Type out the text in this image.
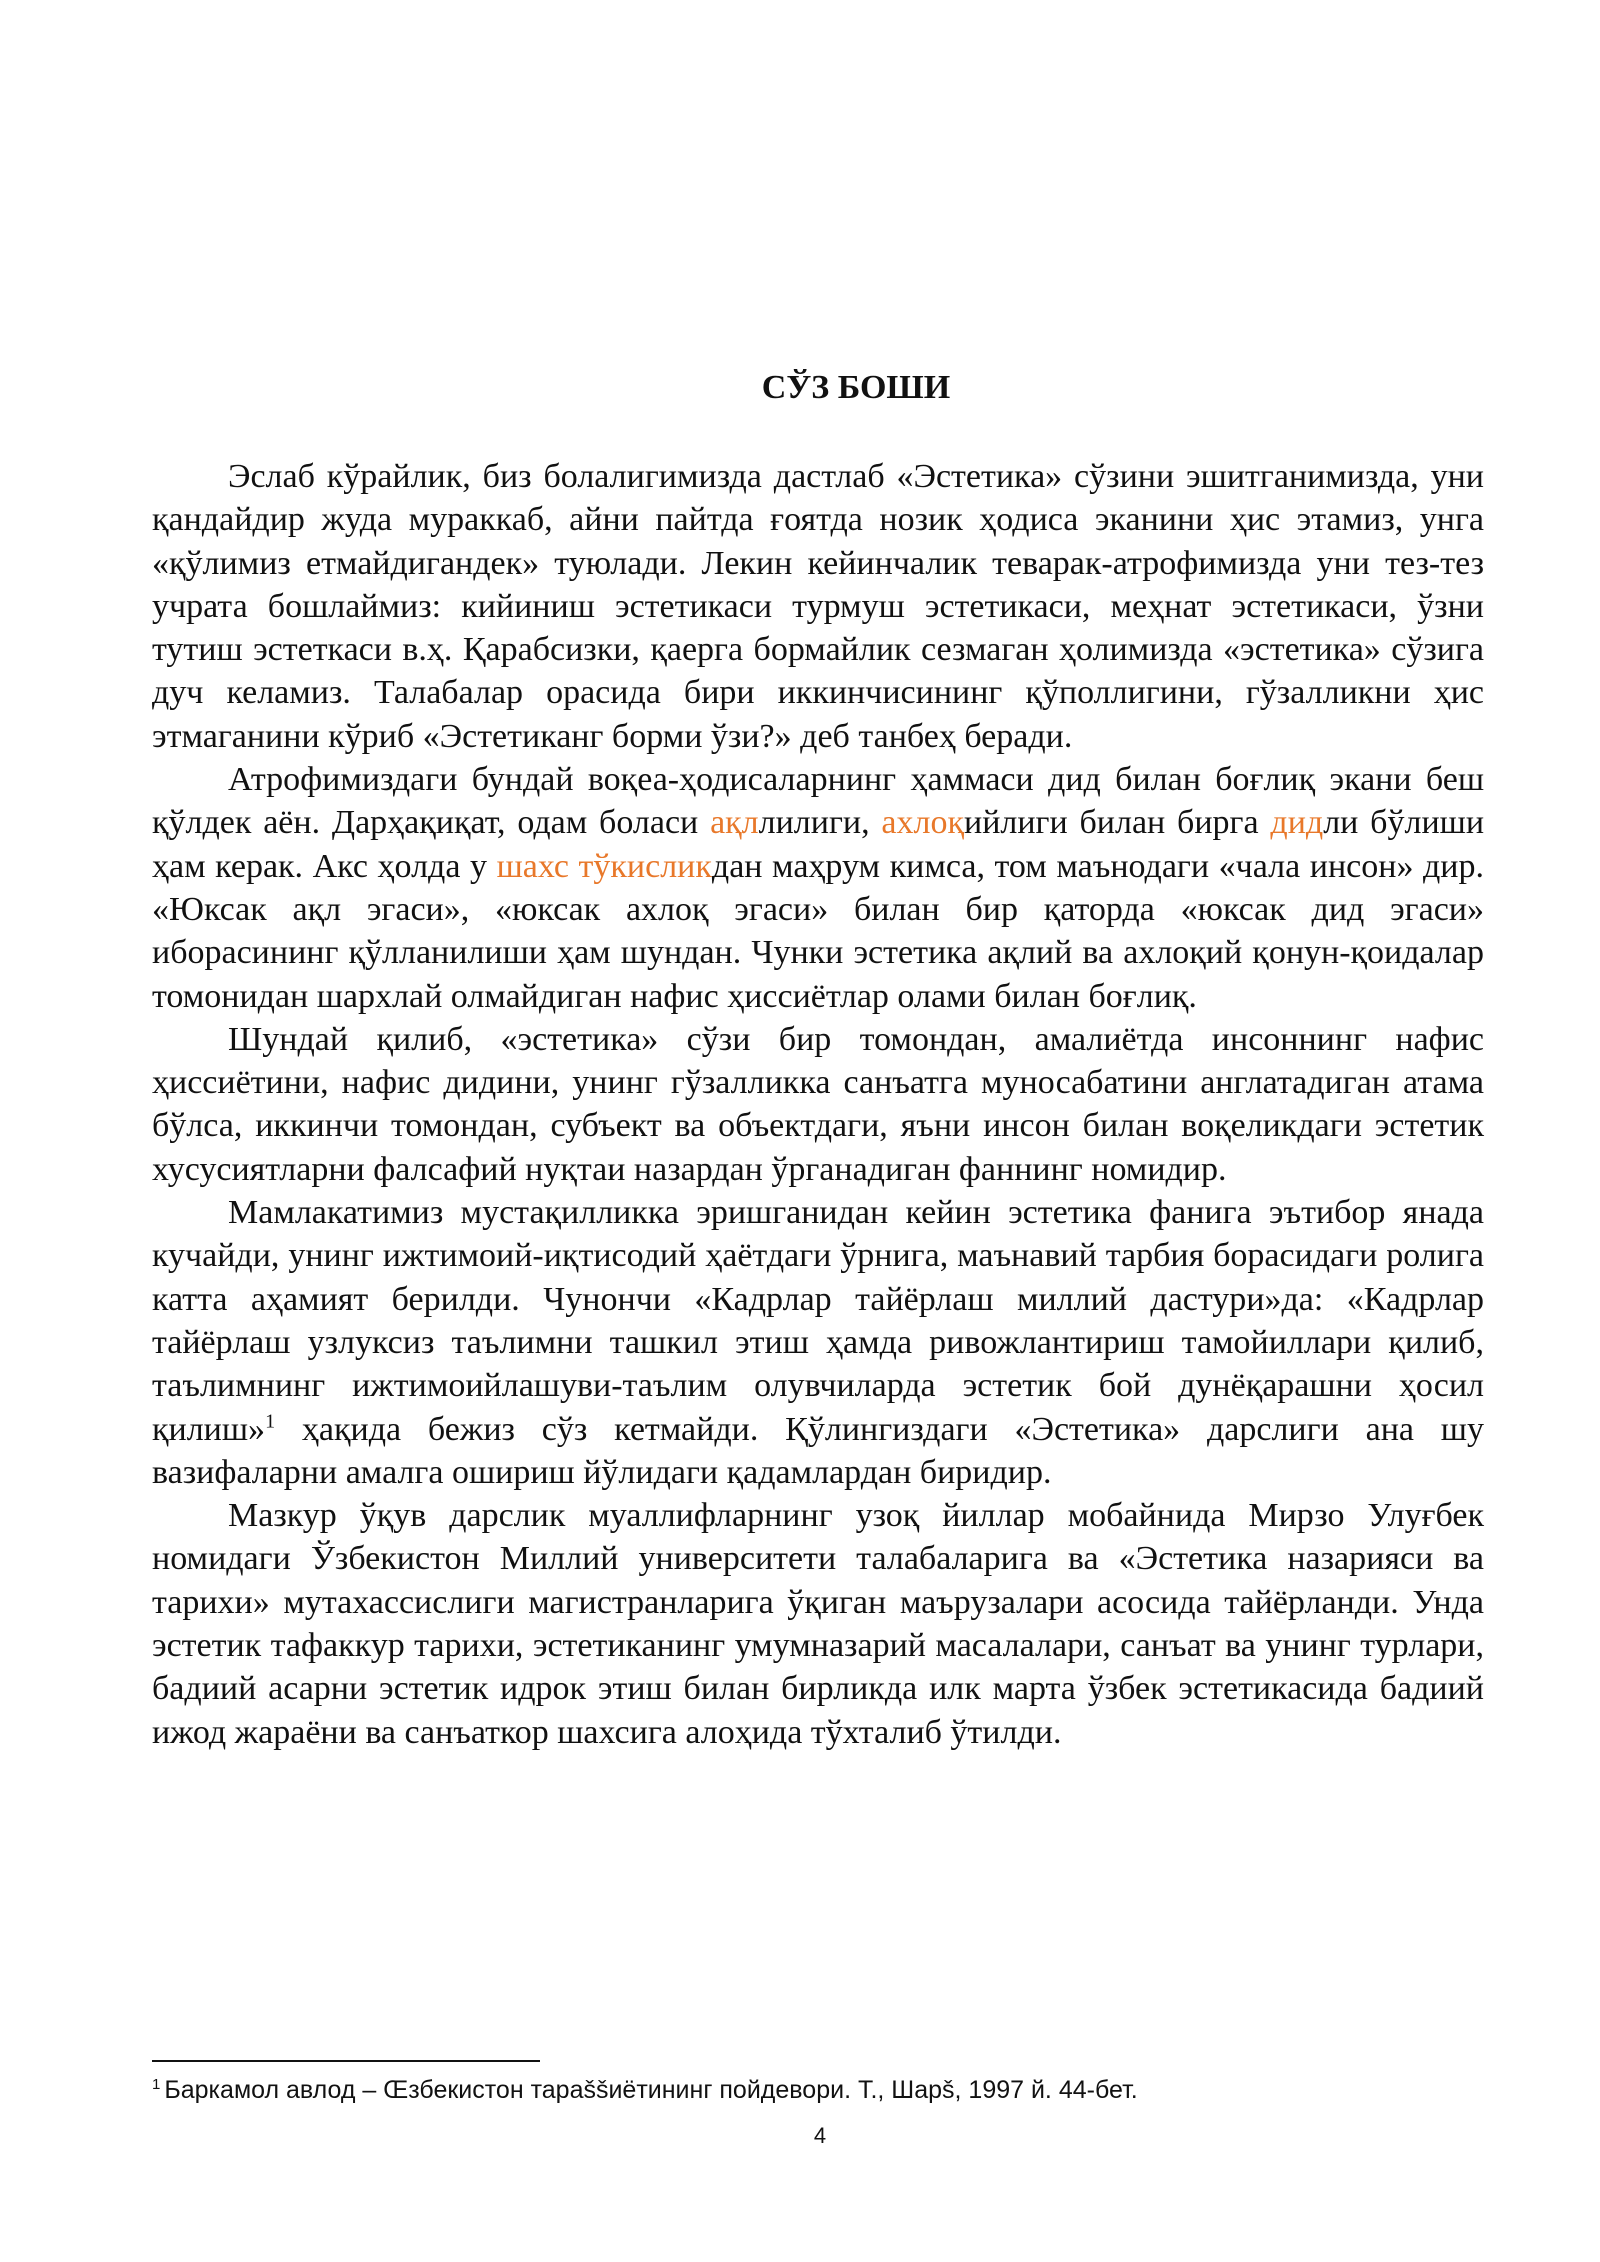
СЎЗ БОШИ

Эслаб кўрайлик, биз болалигимизда дастлаб «Эстетика» сўзини эшитганимизда, уни қандайдир жуда мураккаб, айни пайтда ғоятда нозик ҳодиса эканини ҳис этамиз, унга «қўлимиз етмайдигандек» туюлади. Лекин кейинчалик теварак-атрофимизда уни тез-тез учрата бошлаймиз: кийиниш эстетикаси турмуш эстетикаси, меҳнат эстетикаси, ўзни тутиш эстеткаси в.ҳ. Қарабсизки, қаерга бормайлик сезмаган ҳолимизда «эстетика» сўзига дуч келамиз. Талабалар орасида бири иккинчисининг қўполлигини, гўзалликни ҳис этмаганини кўриб «Эстетиканг борми ўзи?» деб танбеҳ беради.

Атрофимиздаги бундай воқеа-ҳодисаларнинг ҳаммаси дид билан боғлиқ экани беш қўлдек аён. Дарҳақиқат, одам боласи ақллилиги, ахлоқийлиги билан бирга дидли бўлиши ҳам керак. Акс ҳолда у шахс тўкисликдан маҳрум кимса, том маънодаги «чала инсон» дир. «Юксак ақл эгаси», «юксак ахлоқ эгаси» билан бир қаторда «юксак дид эгаси» иборасининг қўлланилиши ҳам шундан. Чунки эстетика ақлий ва ахлоқий қонун-қоидалар томонидан шархлай олмайдиган нафис ҳиссиётлар олами билан боғлиқ.

Шундай қилиб, «эстетика» сўзи бир томондан, амалиётда инсоннинг нафис ҳиссиётини, нафис дидини, унинг гўзалликка санъатга муносабатини англатадиган атама бўлса, иккинчи томондан, субъект ва объектдаги, яъни инсон билан воқеликдаги эстетик хусусиятларни фалсафий нуқтаи назардан ўрганадиган фаннинг номидир.

Мамлакатимиз мустақилликка эришганидан кейин эстетика фанига эътибор янада кучайди, унинг ижтимоий-иқтисодий ҳаётдаги ўрнига, маънавий тарбия борасидаги ролига катта аҳамият берилди. Чунончи «Кадрлар тайёрлаш миллий дастури»да: «Кадрлар тайёрлаш узлуксиз таълимни ташкил этиш ҳамда ривожлантириш тамойиллари қилиб, таълимнинг ижтимоийлашуви-таълим олувчиларда эстетик бой дунёқарашни ҳосил қилиш»$^1$ ҳақида бежиз сўз кетмайди. Қўлингиздаги «Эстетика» дарслиги ана шу вазифаларни амалга ошириш йўлидаги қадамлардан биридир.

Мазкур ўқув дарслик муаллифларнинг узоқ йиллар мобайнида Мирзо Улуғбек номидаги Ўзбекистон Миллий университети талабаларига ва «Эстетика назарияси ва тарихи» мутахассислиги магистранларига ўқиган маърузалари асосида тайёрланди. Унда эстетик тафаккур тарихи, эстетиканинг умумназарий масалалари, санъат ва унинг турлари, бадиий асарни эстетик идрок этиш билан бирликда илк марта ўзбек эстетикасида бадиий ижод жараёни ва санъаткор шахсига алоҳида тўхталиб ўтилди.

$^1$ Баркамол авлод – Œзбекистон тараššиётининг пойдевори. Т., Шарš, 1997 й. 44-бет.
4
